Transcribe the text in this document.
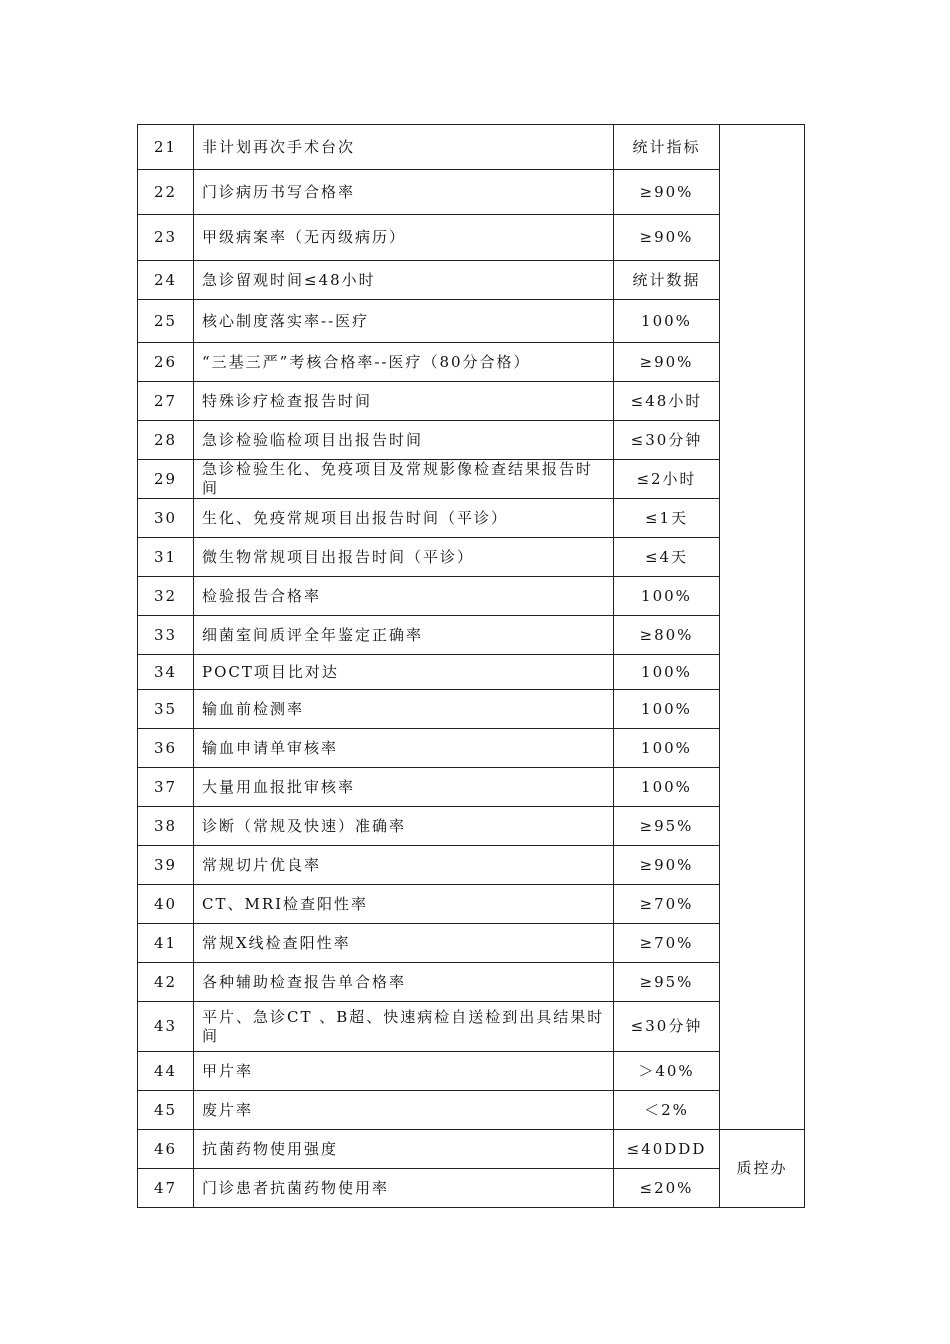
21	非计划再次手术台次	统计指标	
22	门诊病历书写合格率	≥90%	
23	甲级病案率（无丙级病历）	≥90%	
24	急诊留观时间≤48小时	统计数据	
25	核心制度落实率--医疗	100%	
26	“三基三严”考核合格率--医疗（80分合格）	≥90%	
27	特殊诊疗检查报告时间	≤48小时	
28	急诊检验临检项目出报告时间	≤30分钟	
29	急诊检验生化、免疫项目及常规影像检查结果报告时间	≤2小时	
30	生化、免疫常规项目出报告时间（平诊）	≤1天	
31	微生物常规项目出报告时间（平诊）	≤4天	
32	检验报告合格率	100%	
33	细菌室间质评全年鉴定正确率	≥80%	
34	POCT项目比对达	100%	
35	输血前检测率	100%	
36	输血申请单审核率	100%	
37	大量用血报批审核率	100%	
38	诊断（常规及快速）准确率	≥95%	
39	常规切片优良率	≥90%	
40	CT、MRI检查阳性率	≥70%	
41	常规X线检查阳性率	≥70%	
42	各种辅助检查报告单合格率	≥95%	
43	平片、急诊CT 、B超、快速病检自送检到出具结果时间	≤30分钟	
44	甲片率	＞40%	
45	废片率	＜2%	
46	抗菌药物使用强度	≤40DDD	质控办
47	门诊患者抗菌药物使用率	≤20%	
